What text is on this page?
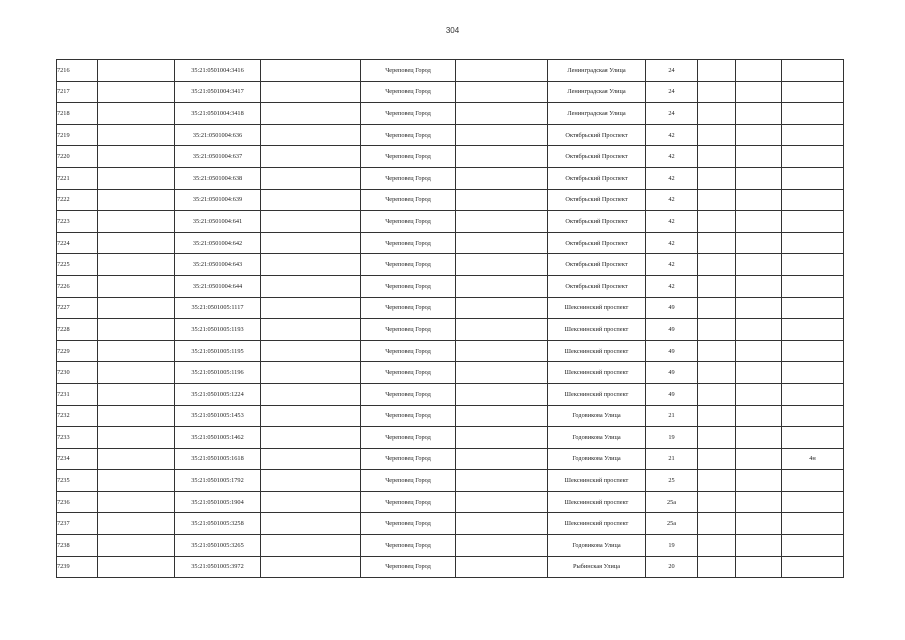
304
7216		35:21:0501004:3416		Череповец Город		Ленинградская Улица	24			
7217		35:21:0501004:3417		Череповец Город		Ленинградская Улица	24			
7218		35:21:0501004:3418		Череповец Город		Ленинградская Улица	24			
7219		35:21:0501004:636		Череповец Город		Октябрьский Проспект	42			
7220		35:21:0501004:637		Череповец Город		Октябрьский Проспект	42			
7221		35:21:0501004:638		Череповец Город		Октябрьский Проспект	42			
7222		35:21:0501004:639		Череповец Город		Октябрьский Проспект	42			
7223		35:21:0501004:641		Череповец Город		Октябрьский Проспект	42			
7224		35:21:0501004:642		Череповец Город		Октябрьский Проспект	42			
7225		35:21:0501004:643		Череповец Город		Октябрьский Проспект	42			
7226		35:21:0501004:644		Череповец Город		Октябрьский Проспект	42			
7227		35:21:0501005:1117		Череповец Город		Шекснинский проспект	49			
7228		35:21:0501005:1193		Череповец Город		Шекснинский проспект	49			
7229		35:21:0501005:1195		Череповец Город		Шекснинский проспект	49			
7230		35:21:0501005:1196		Череповец Город		Шекснинский проспект	49			
7231		35:21:0501005:1224		Череповец Город		Шекснинский проспект	49			
7232		35:21:0501005:1453		Череповец Город		Годовикова Улица	21			
7233		35:21:0501005:1462		Череповец Город		Годовикова Улица	19			
7234		35:21:0501005:1618		Череповец Город		Годовикова Улица	21			4н
7235		35:21:0501005:1792		Череповец Город		Шекснинский проспект	25			
7236		35:21:0501005:1904		Череповец Город		Шекснинский проспект	25а			
7237		35:21:0501005:3258		Череповец Город		Шекснинский проспект	25а			
7238		35:21:0501005:3265		Череповец Город		Годовикова Улица	19			
7239		35:21:0501005:3972		Череповец Город		Рыбинская Улица	20			
